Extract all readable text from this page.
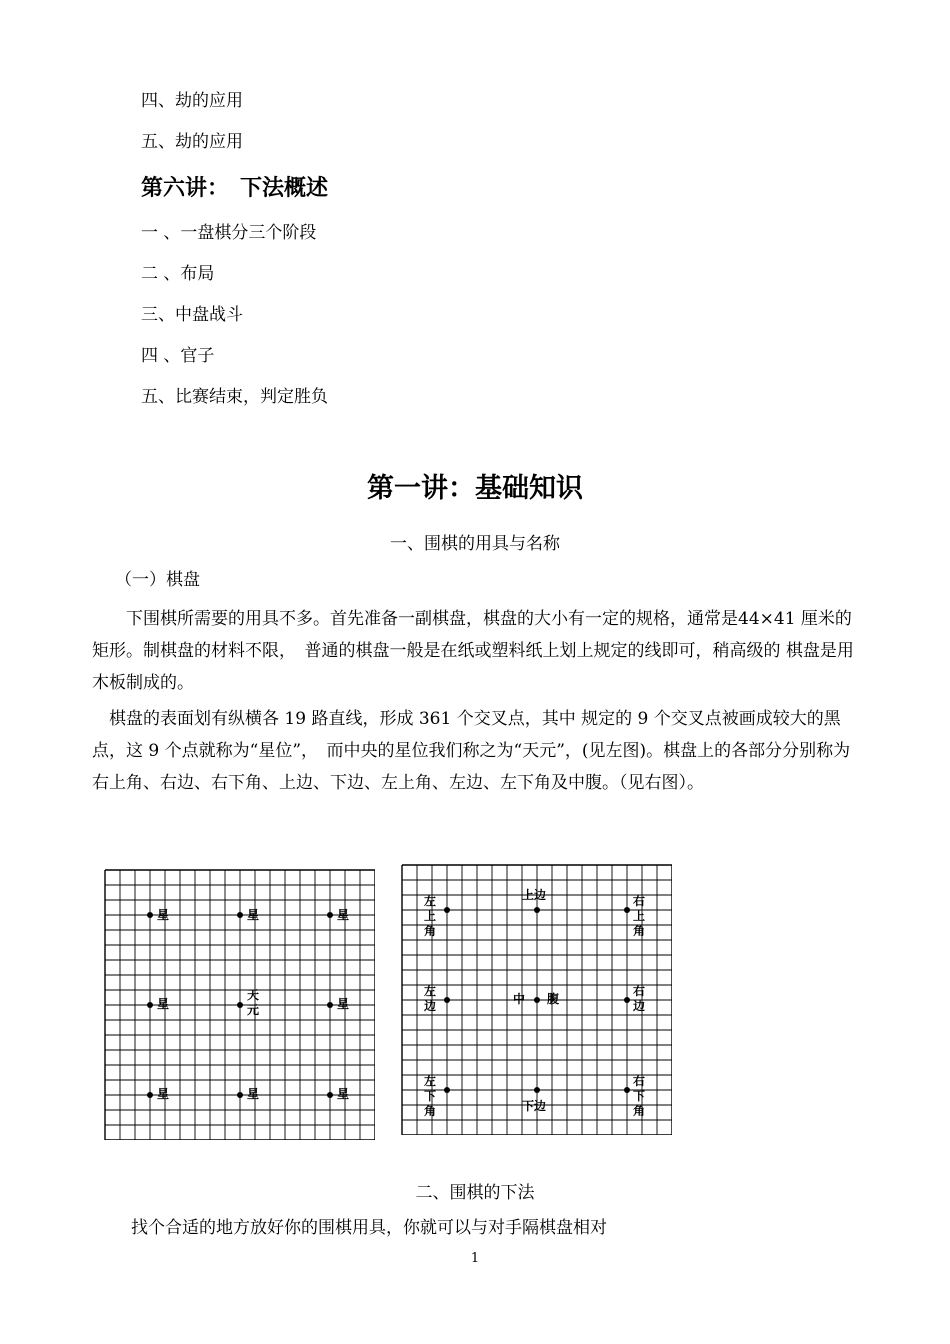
四、劫的应用
五、劫的应用
第六讲：　下法概述
一 、一盘棋分三个阶段
二 、布局
三、中盘战斗
四 、官子
五、比赛结束，判定胜负
第一讲：基础知识
一、围棋的用具与名称
（一）棋盘
　　下围棋所需要的用具不多。首先准备一副棋盘，棋盘的大小有一定的规格，通常是44×41 厘米的矩形。制棋盘的材料不限，　普通的棋盘一般是在纸或塑料纸上划上规定的线即可，稍高级的 棋盘是用木板制成的。
　棋盘的表面划有纵横各 19 路直线，形成 361 个交叉点，其中 规定的 9 个交叉点被画成较大的黑点，这 9 个点就称为“星位”，　而中央的星位我们称之为“天元”，(见左图)。棋盘上的各部分分别称为右上角、右边、右下角、上边、下边、左上角、左边、左下角及中腹。（见右图）。
星	星	星
星	星
星	星	星
天 元
左上角
上边	右上角
左边	中 腹
右边
左下角	下边
右下角
二、围棋的下法
找个合适的地方放好你的围棋用具，你就可以与对手隔棋盘相对
1
